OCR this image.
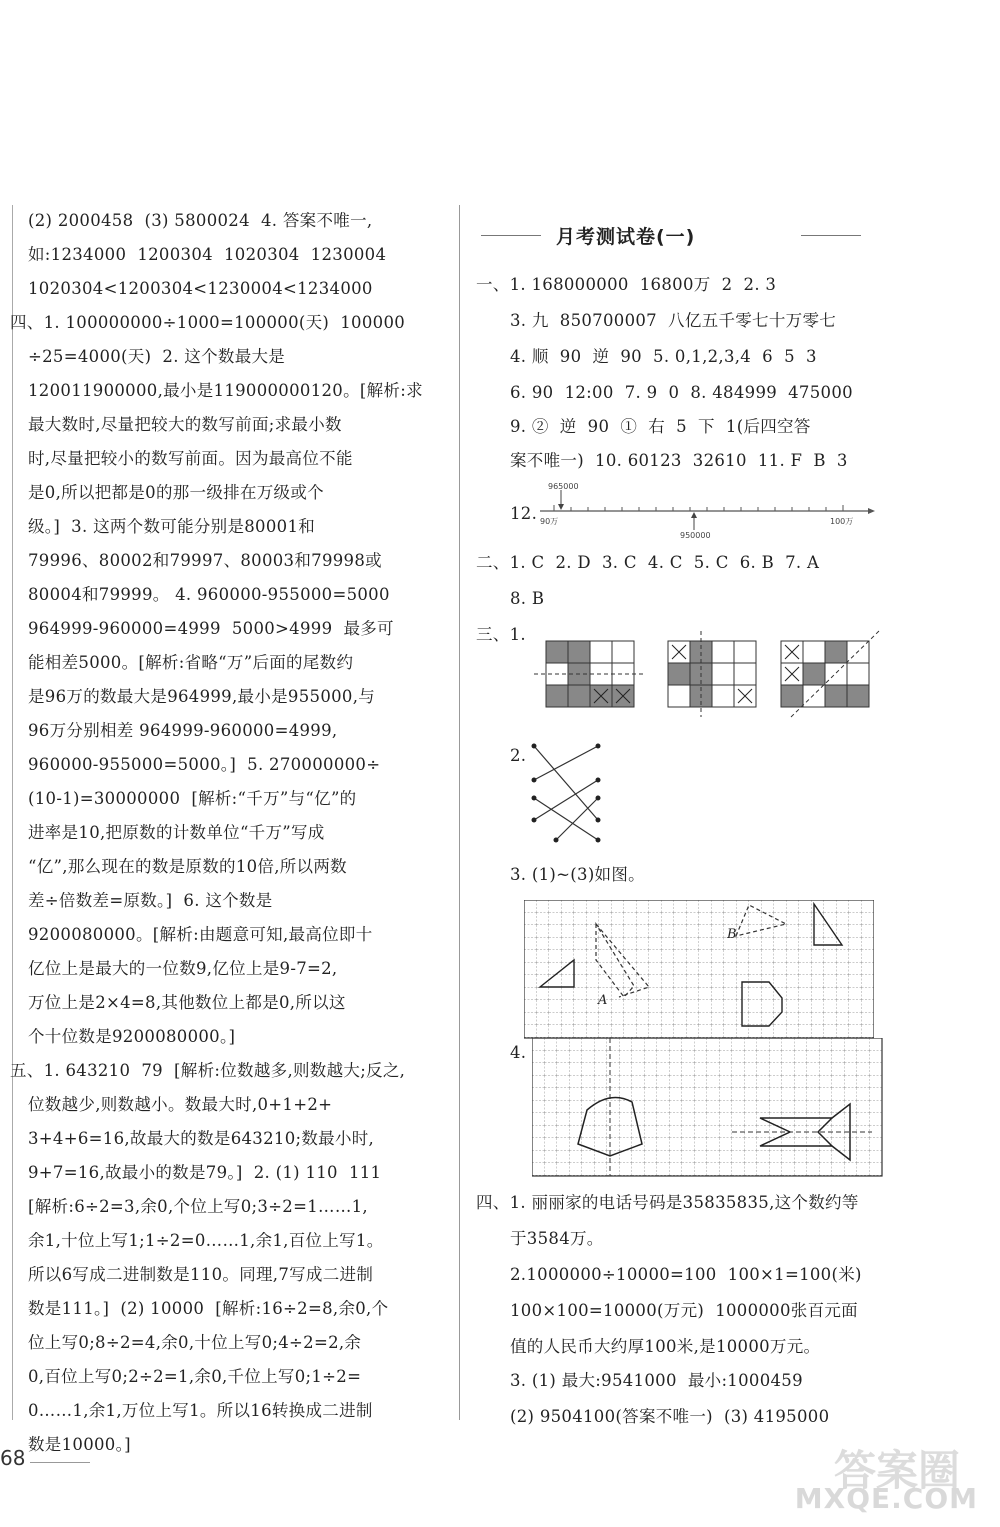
(2) 2000458  (3) 5800024  4. 答案不唯一,
如:1234000  1200304  1020304  1230004
1020304<1200304<1230004<1234000
四、1. 100000000÷1000=100000(天)  100000
÷25=4000(天)  2. 这个数最大是
120011900000,最小是119000000120。[解析:求
最大数时,尽量把较大的数写前面;求最小数
时,尽量把较小的数写前面。因为最高位不能
是0,所以把都是0的那一级排在万级或个
级。]  3. 这两个数可能分别是80001和
79996、80002和79997、80003和79998或
80004和79999。 4. 960000-955000=5000
964999-960000=4999  5000>4999  最多可
能相差5000。[解析:省略“万”后面的尾数约
是96万的数最大是964999,最小是955000,与
96万分别相差 964999-960000=4999,
960000-955000=5000。]  5. 270000000÷
(10-1)=30000000  [解析:“千万”与“亿”的
进率是10,把原数的计数单位“千万”写成
“亿”,那么现在的数是原数的10倍,所以两数
差÷倍数差=原数。]  6. 这个数是
9200080000。[解析:由题意可知,最高位即十
亿位上是最大的一位数9,亿位上是9-7=2,
万位上是2×4=8,其他数位上都是0,所以这
个十位数是9200080000。]
五、1. 643210  79  [解析:位数越多,则数越大;反之,
位数越少,则数越小。数最大时,0+1+2+
3+4+6=16,故最大的数是643210;数最小时,
9+7=16,故最小的数是79。]  2. (1) 110  111
[解析:6÷2=3,余0,个位上写0;3÷2=1……1,
余1,十位上写1;1÷2=0……1,余1,百位上写1。
所以6写成二进制数是110。同理,7写成二进制
数是111。]  (2) 10000  [解析:16÷2=8,余0,个
位上写0;8÷2=4,余0,十位上写0;4÷2=2,余
0,百位上写0;2÷2=1,余0,千位上写0;1÷2=
0……1,余1,万位上写1。所以16转换成二进制
数是10000。]
月考测试卷(一)
一、1. 168000000  16800万  2  2. 3
3. 九  850700007  八亿五千零七十万零七
4. 顺  90  逆  90  5. 0,1,2,3,4  6  5  3
6. 90  12:00  7. 9  0  8. 484999  475000
9. ②  逆  90  ①  右  5  下  1(后四空答
案不唯一)  10. 60123  32610  11. F  B  3
12.
965000
90万
950000
100万
二、1. C  2. D  3. C  4. C  5. C  6. B  7. A
8. B
三、1.
2.
3. (1)~(3)如图。
B
A
4.
四、1. 丽丽家的电话号码是35835835,这个数约等
于3584万。
2.1000000÷10000=100  100×1=100(米)
100×100=10000(万元)  1000000张百元面
值的人民币大约厚100米,是10000万元。
3. (1) 最大:9541000  最小:1000459
(2) 9504100(答案不唯一)  (3) 4195000
68	答案圈
MXQE.COM
